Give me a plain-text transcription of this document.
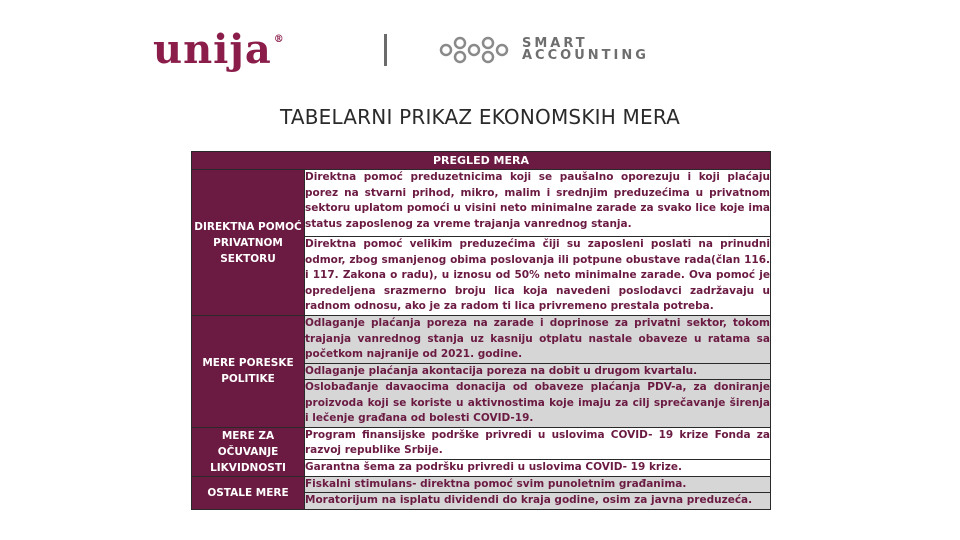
unija ®	SMART
ACCOUNTING
TABELARNI PRIKAZ EKONOMSKIH MERA
PREGLED MERA	
DIREKTNA POMOĆ PRIVATNOM SEKTORU	Direktna pomoć preduzetnicima koji se paušalno oporezuju i koji plaćaju porez na stvarni prihod, mikro, malim i srednjim preduzećima u privatnom sektoru uplatom pomoći u visini neto minimalne zarade za svako lice koje ima status zaposlenog za vreme trajanja vanrednog stanja.
	Direktna pomoć velikim preduzećima čiji su zaposleni poslati na prinudni odmor, zbog smanjenog obima poslovanja ili potpune obustave rada(član 116. i 117. Zakona o radu), u iznosu od 50% neto minimalne zarade. Ova pomoć je opredeljena srazmerno broju lica koja navedeni poslodavci zadržavaju u radnom odnosu, ako je za radom ti lica privremeno prestala potreba.
MERE PORESKE POLITIKE	Odlaganje plaćanja poreza na zarade i doprinose za privatni sektor, tokom trajanja vanrednog stanja uz kasniju otplatu nastale obaveze u ratama sa početkom najranije od 2021. godine.
	Odlaganje plaćanja akontacija poreza na dobit u drugom kvartalu.
	Oslobađanje davaocima donacija od obaveze plaćanja PDV-a, za doniranje proizvoda koji se koriste u aktivnostima koje imaju za cilj sprečavanje širenja i lečenje građana od bolesti COVID-19.
MERE ZA OČUVANJE LIKVIDNOSTI	Program finansijske podrške privredi u uslovima COVID- 19 krize Fonda za razvoj republike Srbije.
	Garantna šema za podršku privredi u uslovima COVID- 19 krize.
OSTALE MERE	Fiskalni stimulans- direktna pomoć svim punoletnim građanima.
	Moratorijum na isplatu dividendi do kraja godine, osim za javna preduzeća.
